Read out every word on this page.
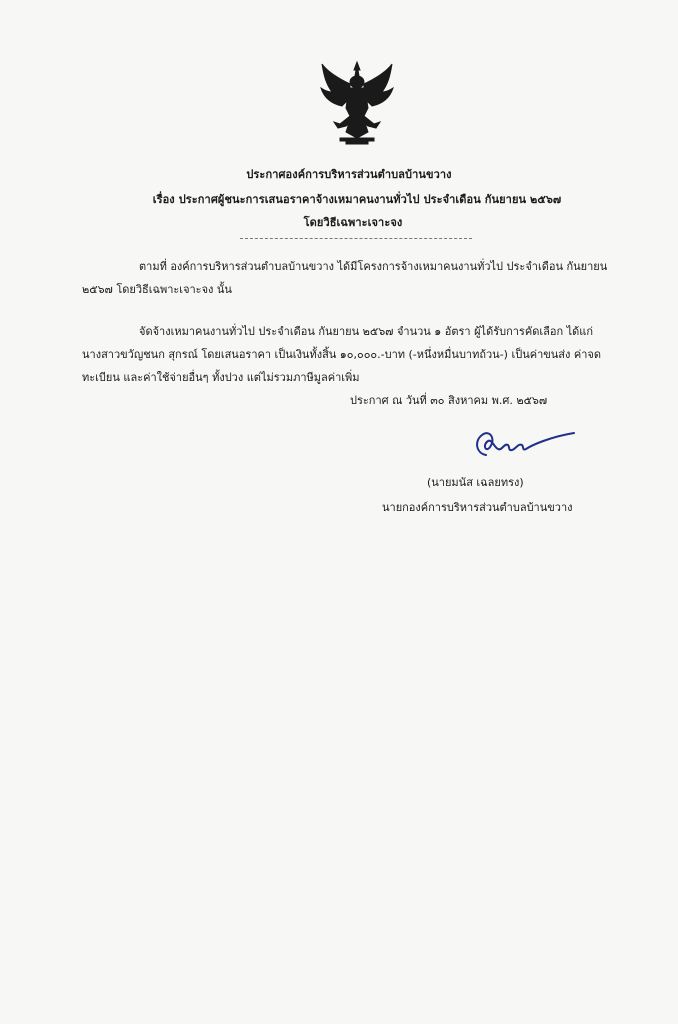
ประกาศองค์การบริหารส่วนตำบลบ้านขวาง
เรื่อง ประกาศผู้ชนะการเสนอราคาจ้างเหมาคนงานทั่วไป ประจำเดือน กันยายน ๒๕๖๗
โดยวิธีเฉพาะเจาะจง
ตามที่ องค์การบริหารส่วนตำบลบ้านขวาง ได้มีโครงการจ้างเหมาคนงานทั่วไป ประจำเดือน กันยายน
๒๕๖๗ โดยวิธีเฉพาะเจาะจง นั้น
จัดจ้างเหมาคนงานทั่วไป ประจำเดือน กันยายน ๒๕๖๗ จำนวน ๑ อัตรา ผู้ได้รับการคัดเลือก ได้แก่
นางสาวขวัญชนก สุกรณ์ โดยเสนอราคา เป็นเงินทั้งสิ้น ๑๐,๐๐๐.-บาท (-หนึ่งหมื่นบาทถ้วน-) เป็นค่าขนส่ง ค่าจด
ทะเบียน และค่าใช้จ่ายอื่นๆ ทั้งปวง แต่ไม่รวมภาษีมูลค่าเพิ่ม
ประกาศ ณ วันที่ ๓๐ สิงหาคม พ.ศ. ๒๕๖๗
(นายมนัส เฉลยทรง)
นายกองค์การบริหารส่วนตำบลบ้านขวาง
